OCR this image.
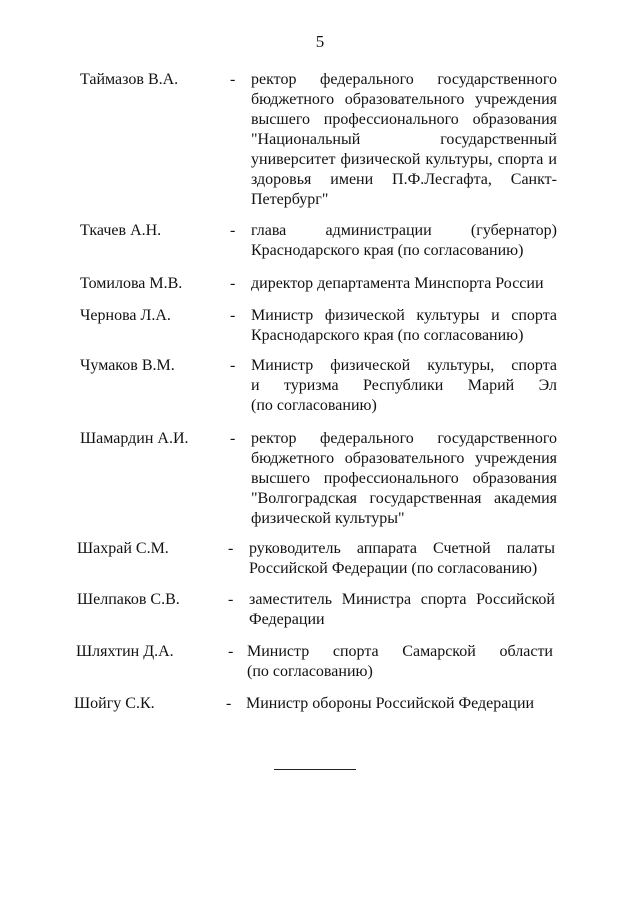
5
Таймазов В.А.	- ректор федерального государственного
бюджетного образовательного учреждения
высшего профессионального образования
"Национальный государственный
университет физической культуры, спорта и
здоровья имени П.Ф.Лесгафта, Санкт-
Петербург"
Ткачев А.Н.	- глава администрации (губернатор)
Краснодарского края (по согласованию)
Томилова М.В.	- директор департамента Минспорта России
Чернова Л.А.	- Министр физической культуры и спорта
Краснодарского края (по согласованию)
Чумаков В.М.	- Министр физической культуры, спорта
и туризма Республики Марий Эл
(по согласованию)
Шамардин А.И.	- ректор федерального государственного
бюджетного образовательного учреждения
высшего профессионального образования
"Волгоградская государственная академия
физической культуры"
Шахрай С.М.	- руководитель аппарата Счетной палаты
Российской Федерации (по согласованию)
Шелпаков С.В.	- заместитель Министра спорта Российской
Федерации
Шляхтин Д.А.	- Министр спорта Самарской области
(по согласованию)
Шойгу С.К.	- Министр обороны Российской Федерации
